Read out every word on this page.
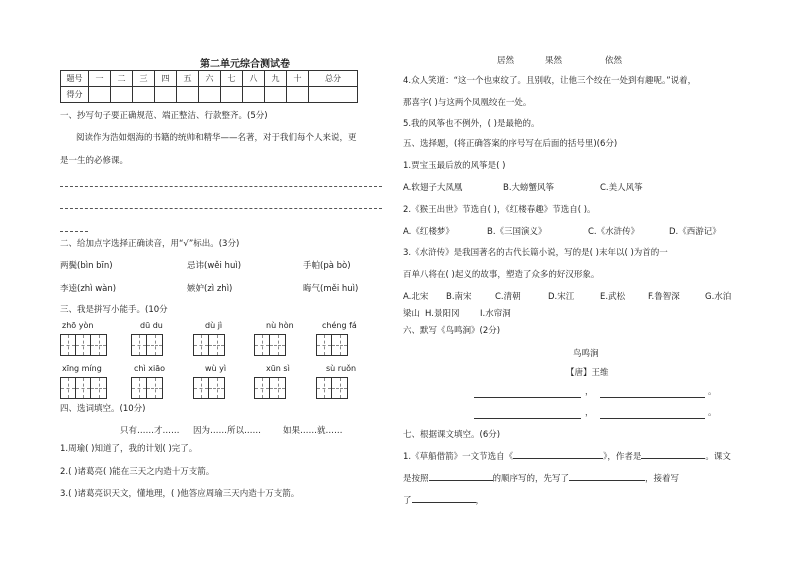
第二单元综合测试卷
题号	一	二	三	四	五	六	七	八	九	十	总分
得分											
一、抄写句子要正确规范、端正整洁、行款整齐。(5分)
阅读作为浩如烟海的书籍的统帅和精华——名著，对于我们每个人来说，更
是一生的必修课。
二、给加点字选择正确读音，用“√”标出。(3分)
两鬓(bìn bīn)	忌讳(wěi huì)	手帕(pà bò)
李逵(zhì wàn)	嫉妒(zì zhì)	晦气(měi huì)
三、我是拼写小能手。(10分
zhō yòn	dū du	dù jì	nù hòn	chéng fá
xīng míng	chì xiāo	wù yì	xūn sì	sù ruǒn
四、选词填空。(10分)
只有……才…… 因为……所以……	如果……就……
1.周瑜( )知道了，我的计划( )完了。
2.( )诸葛亮( )能在三天之内造十万支箭。
3.( )诸葛亮识天文，懂地理，( )他答应周瑜三天内造十万支箭。
居然	果然	依然
4.众人笑道：“这一个也束纹了。且别收，让他三个绞在一处到有趣呢。”说着，
那喜字( )与这两个凤凰绞在一处。
5.我的风筝也不例外，( )是最艳的。
五、选择题，(将正确答案的序号写在后面的括号里)(6分)
1.贾宝玉最后放的风筝是( )
A.软翅子大凤凰	B.大螃蟹风筝	C.美人风筝
2.《猴王出世》节选自( )，《红楼春趣》节选自( )。
A.《红楼梦》	B.《三国演义》	C.《水浒传》	D.《西游记》
3.《水浒传》是我国著名的古代长篇小说，写的是( )末年以( )为首的一
百单八将在( )起义的故事，塑造了众多的好汉形象。
A.北宋 B.南宋	C.清朝	D.宋江	E.武松	F.鲁智深	G.水泊
梁山 H.景阳冈 I.水帘洞
六、默写《鸟鸣涧》(2分)
鸟鸣涧
【唐】王维
，	。
，	。
七、根据课文填空。(6分)
1.《草船借箭》一文节选自《	》，作者是	。课文
是按照	的顺序写的，先写了	，接着写
了	，
